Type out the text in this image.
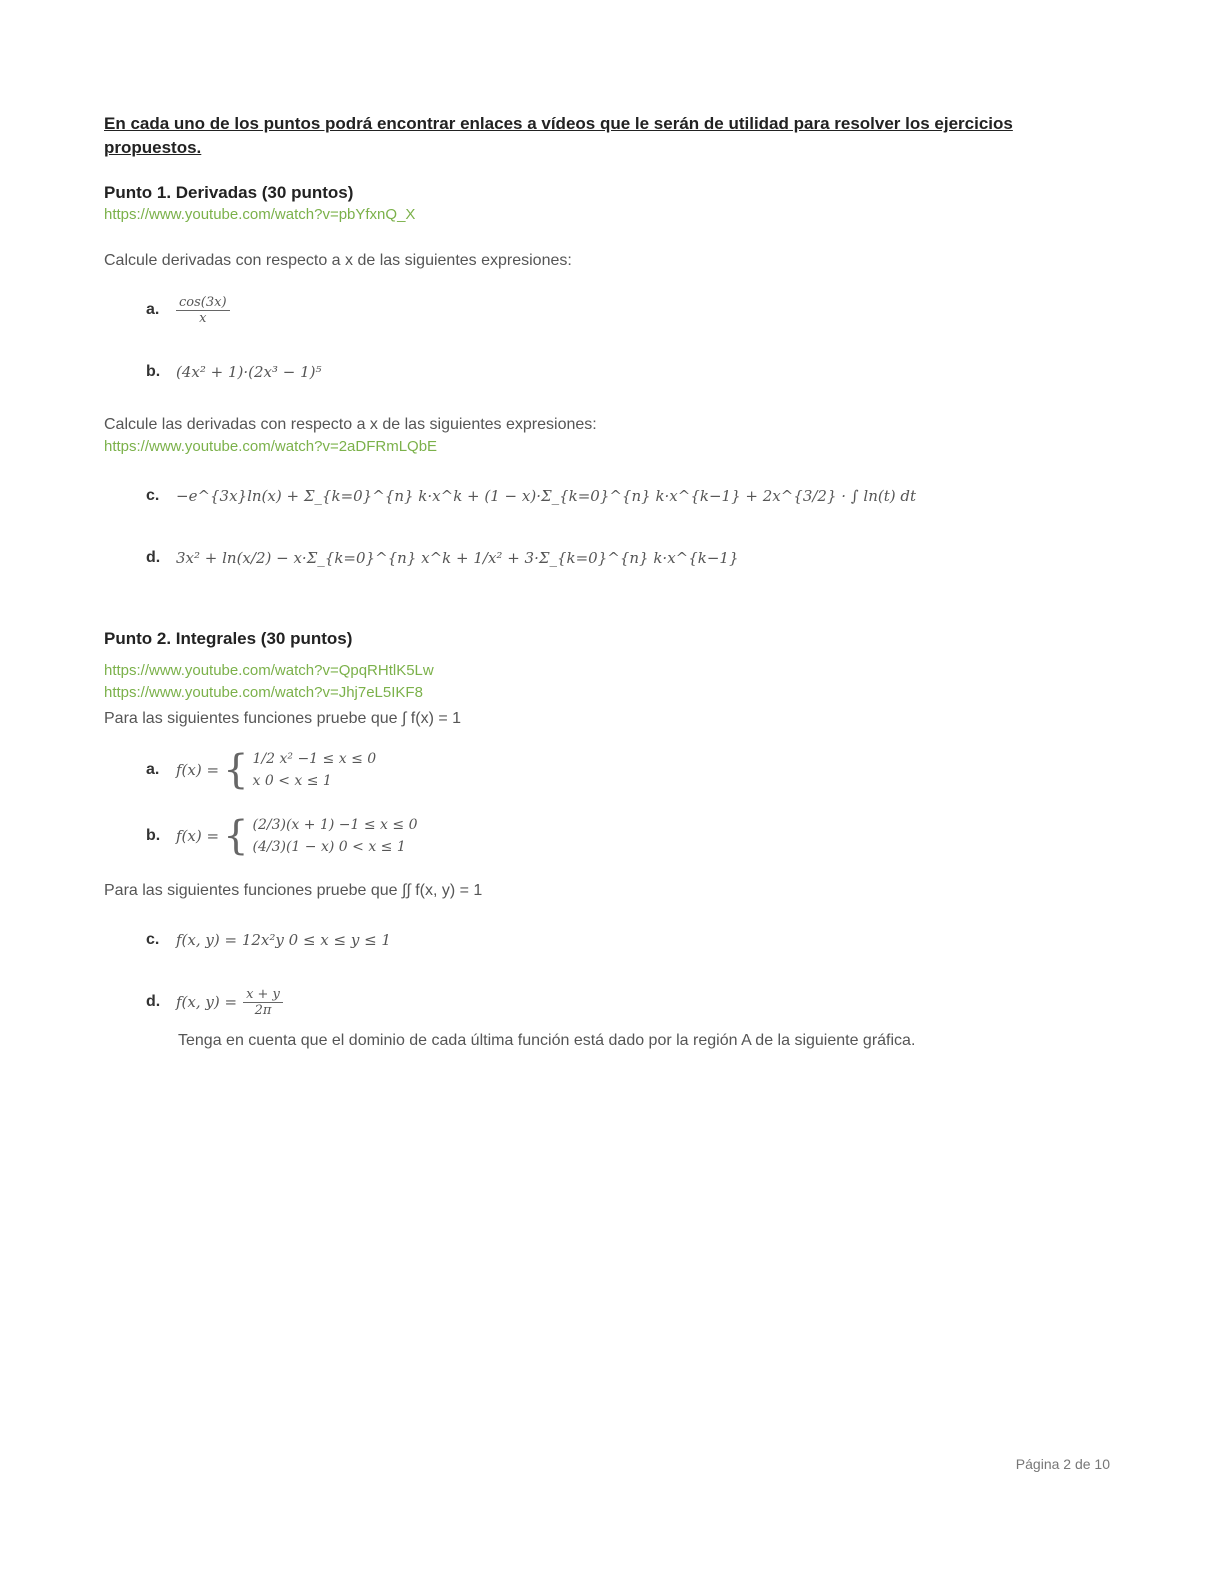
En cada uno de los puntos podrá encontrar enlaces a vídeos que le serán de utilidad para resolver los ejercicios propuestos.

Punto 1. Derivadas (30 puntos)
https://www.youtube.com/watch?v=pbYfxnQ_X

Calcule derivadas con respecto a x de las siguientes expresiones:

a.	$\frac{\cos(3x)}{x}$
b.	(4x² + 1)·(2x³ − 1)⁵

Calcule las derivadas con respecto a x de las siguientes expresiones:

https://www.youtube.com/watch?v=2aDFRmLQbE
c.	−e^{3x}ln(x) + Σ_{k=0}^{n} k·x^k + (1 − x)·Σ_{k=0}^{n} k·x^{k−1} + 2x^{3/2} · ∫ ln(t) dt
d.	3x² + ln(x/2) − x·Σ_{k=0}^{n} x^k + 1/x² + 3·Σ_{k=0}^{n} k·x^{k−1}
Punto 2. Integrales (30 puntos)
https://www.youtube.com/watch?v=QpqRHtlK5Lw
https://www.youtube.com/watch?v=Jhj7eL5IKF8

Para las siguientes funciones pruebe que ∫ f(x) = 1

a.	f(x) = { 1/2 x² −1 ≤ x ≤ 0
x 0 < x ≤ 1
b.	f(x) = { (2/3)(x + 1) −1 ≤ x ≤ 0
(4/3)(1 − x) 0 < x ≤ 1

Para las siguientes funciones pruebe que ∫∫ f(x, y) = 1

c.	f(x, y) = 12x²y 0 ≤ x ≤ y ≤ 1
d.	f(x, $y) = \frac{x + y}{2\pi}$

Tenga en cuenta que el dominio de cada última función está dado por la región A de la siguiente gráfica.

Página 2 de 10
